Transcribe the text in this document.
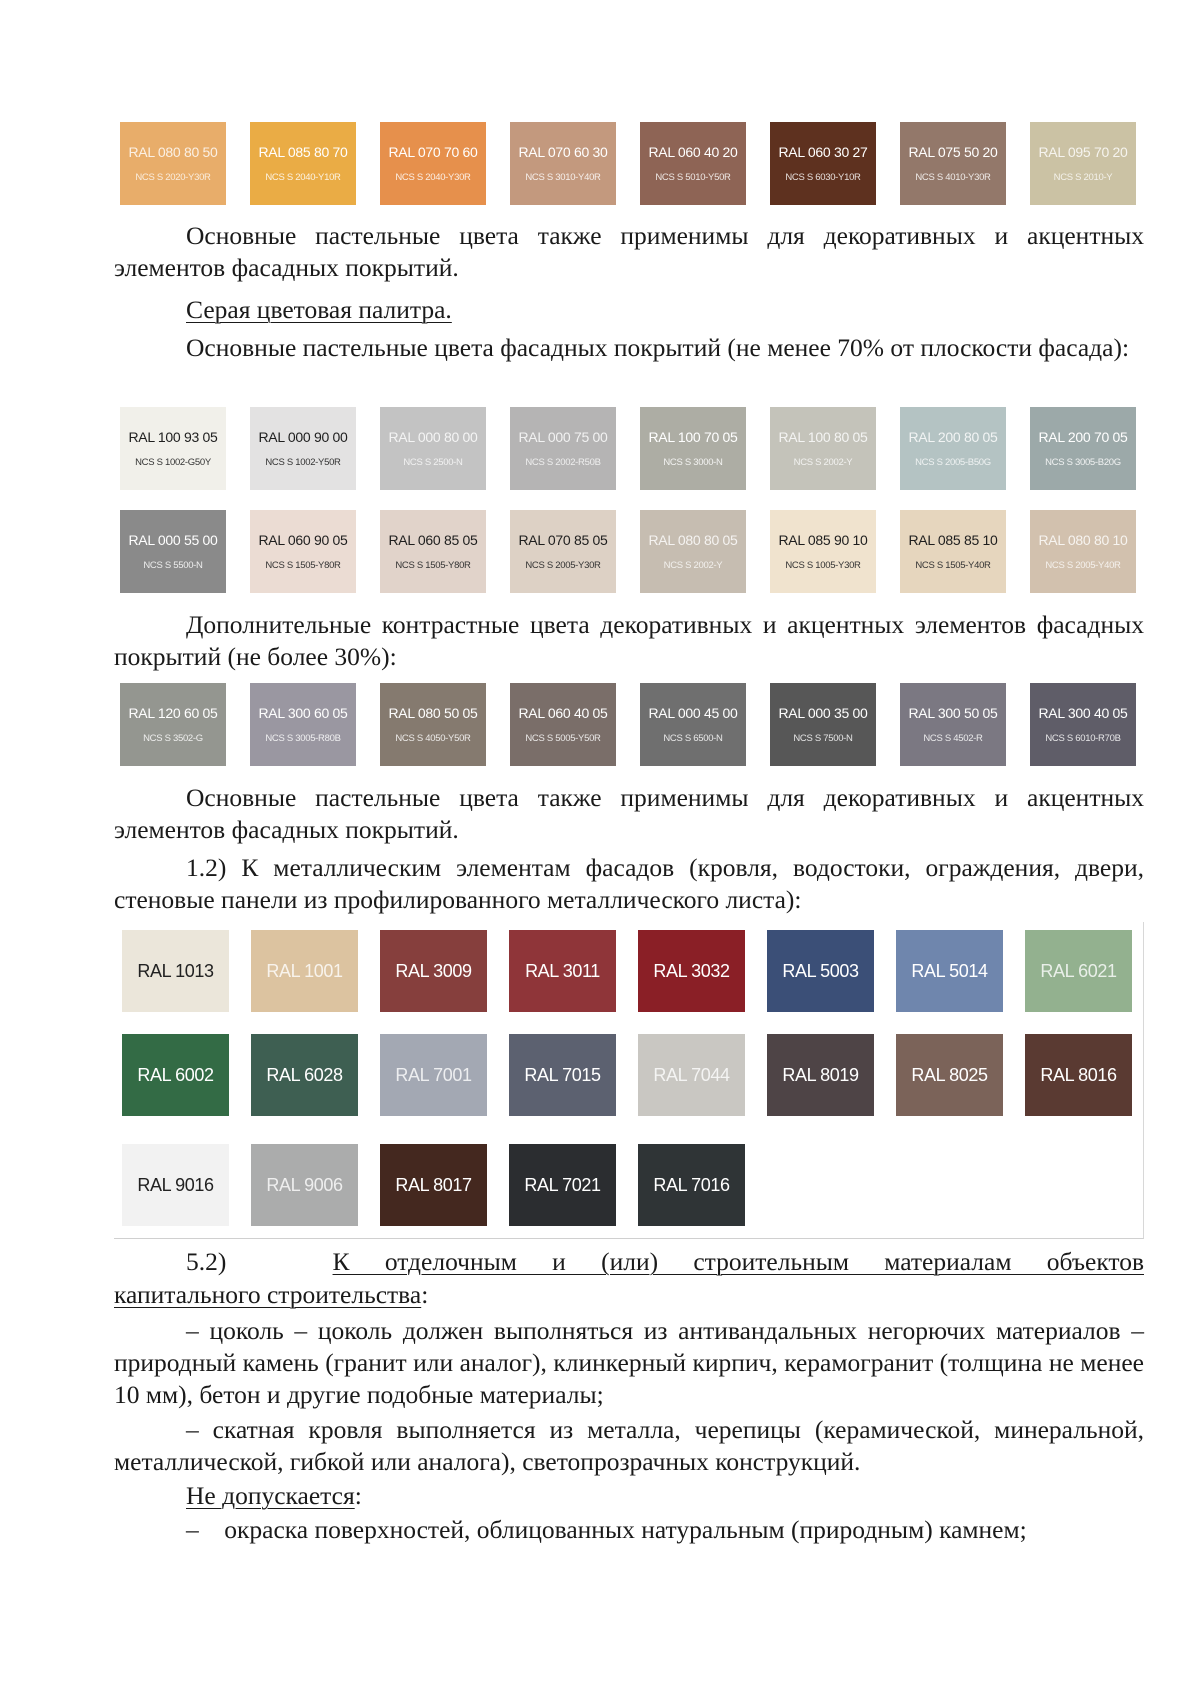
RAL 080 80 50
NCS S 2020-Y30R
RAL 085 80 70
NCS S 2040-Y10R
RAL 070 70 60
NCS S 2040-Y30R
RAL 070 60 30
NCS S 3010-Y40R
RAL 060 40 20
NCS S 5010-Y50R
RAL 060 30 27
NCS S 6030-Y10R
RAL 075 50 20
NCS S 4010-Y30R
RAL 095 70 20
NCS S 2010-Y
Основные пастельные цвета также применимы для декоративных и акцентных элементов фасадных покрытий.
Серая цветовая палитра.
Основные пастельные цвета фасадных покрытий (не менее 70% от плоскости фасада):
RAL 100 93 05
NCS S 1002-G50Y
RAL 000 90 00
NCS S 1002-Y50R
RAL 000 80 00
NCS S 2500-N
RAL 000 75 00
NCS S 2002-R50B
RAL 100 70 05
NCS S 3000-N
RAL 100 80 05
NCS S 2002-Y
RAL 200 80 05
NCS S 2005-B50G
RAL 200 70 05
NCS S 3005-B20G
RAL 000 55 00
NCS S 5500-N
RAL 060 90 05
NCS S 1505-Y80R
RAL 060 85 05
NCS S 1505-Y80R
RAL 070 85 05
NCS S 2005-Y30R
RAL 080 80 05
NCS S 2002-Y
RAL 085 90 10
NCS S 1005-Y30R
RAL 085 85 10
NCS S 1505-Y40R
RAL 080 80 10
NCS S 2005-Y40R
Дополнительные контрастные цвета декоративных и акцентных элементов фасадных покрытий (не более 30%):
RAL 120 60 05
NCS S 3502-G
RAL 300 60 05
NCS S 3005-R80B
RAL 080 50 05
NCS S 4050-Y50R
RAL 060 40 05
NCS S 5005-Y50R
RAL 000 45 00
NCS S 6500-N
RAL 000 35 00
NCS S 7500-N
RAL 300 50 05
NCS S 4502-R
RAL 300 40 05
NCS S 6010-R70B
Основные пастельные цвета также применимы для декоративных и акцентных элементов фасадных покрытий.
1.2) К металлическим элементам фасадов (кровля, водостоки, ограждения, двери, стеновые панели из профилированного металлического листа):
RAL 1013	RAL 1001	RAL 3009	RAL 3011	RAL 3032	RAL 5003	RAL 5014	RAL 6021
RAL 6002	RAL 6028	RAL 7001	RAL 7015	RAL 7044	RAL 8019	RAL 8025	RAL 8016
RAL 9016	RAL 9006	RAL 8017	RAL 7021	RAL 7016
5.2)	К отделочным и (или) строительным материалам объектов
капитального строительства:
– цоколь – цоколь должен выполняться из антивандальных негорючих материалов – природный камень (гранит или аналог), клинкерный кирпич, керамогранит (толщина не менее 10 мм), бетон и другие подобные материалы;
– скатная кровля выполняется из металла, черепицы (керамической, минеральной, металлической, гибкой или аналога), светопрозрачных конструкций.
Не допускается:
–    окраска поверхностей, облицованных натуральным (природным) камнем;
